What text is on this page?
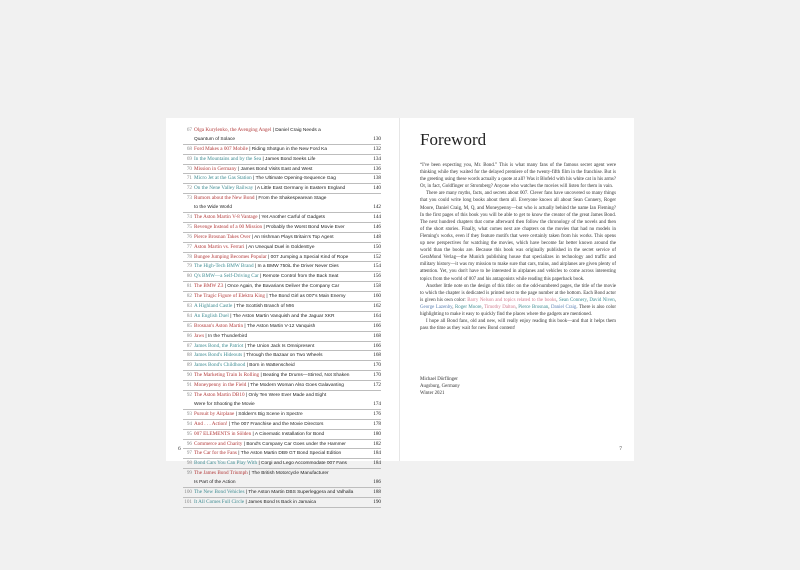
67 Olga Kurylenko, the Avenging Angel | Daniel Craig Needs a
Quantum of Solace	130
68 Ford Makes a 007 Mobile | Riding Shotgun in the New Ford Ka	132
69 In the Mountains and by the Sea | James Bond Seeks Life	134
70 Mission in Germany | James Bond Visits East and West	136
71 Micro Jet at the Gas Station | The Ultimate Opening-Sequence Gag	138
72 On the Nene Valley Railway | A Little East Germany in Eastern England	140
73 Rumors about the New Bond | From the Shakespearean Stage
to the Wide World	142
74 The Aston Martin V-8 Vantage | Yet Another Carful of Gadgets	144
75 Revenge Instead of a 00 Mission | Probably the Worst Bond Movie Ever	146
76 Pierce Brosnan Takes Over | An Irishman Plays Britain's Top Agent	148
77 Aston Martin vs. Ferrari | An Unequal Duel in GoldenEye	150
78 Bungee Jumping Becomes Popular | 007 Jumping a Special Kind of Rope	152
79 The High-Tech BMW Brand | In a BMW 750iL the Driver Never Dies	154
80 Q's BMW—a Self-Driving Car | Remote Control from the Back Seat	156
81 The BMW Z3 | Once Again, the Bavarians Deliver the Company Car	158
82 The Tragic Figure of Elektra King | The Bond Girl as 007's Main Enemy	160
83 A Highland Castle | The Scottish Branch of MI6	162
84 An English Duel | The Aston Martin Vanquish and the Jaguar XKR	164
85 Brosnan's Aston Martin | The Aston Martin V-12 Vanquish	166
86 Jaws | In the Thunderbird	168
87 James Bond, the Patriot | The Union Jack Is Omnipresent	166
88 James Bond's Hideouts | Through the Bazaar on Two Wheels	168
89 James Bond's Childhood | Born in Wattenscheid	170
90 The Marketing Train Is Rolling | Beating the Drums—Stirred, Not Shaken	170
91 Moneypenny in the Field | The Modern Woman Also Goes Galavanting	172
92 The Aston Martin DB10 | Only Ten Were Ever Made and Eight
Were for Shooting the Movie	174
93 Pursuit by Airplane | Sölden's Big Scene in Spectre	176
94 And . . . Action! | The 007 Franchise and the Movie Directors	178
95 007 ELEMENTS in Sölden | A Cinematic Installation for Bond	180
96 Commerce and Charity | Bond's Company Car Goes under the Hammer	182
97 The Car for the Fans | The Aston Martin DB9 GT Bond Special Edition	184
98 Bond Cars You Can Play With | Corgi and Lego Accommodate 007 Fans	184
99 The James Bond Triumph | The British Motorcycle Manufacturer
Is Part of the Action	186
100 The New Bond Vehicles | The Aston Martin DBS Superleggera and Valhalla	188
101 It All Comes Full Circle | James Bond Is Back in Jamaica	190
6
Foreword

“I've been expecting you, Mr. Bond.” This is what many fans of the famous secret agent were thinking while they waited for the delayed premiere of the twenty-fifth film in the franchise. But is the greeting using these words actually a quote at all? Was it Blofeld with his white cat in his arms? Or, in fact, Goldfinger or Stromberg? Anyone who watches the movies will listen for them in vain.

There are many myths, facts, and secrets about 007. Clever fans have uncovered so many things that you could write long books about them all. Everyone knows all about Sean Connery, Roger Moore, Daniel Craig, M, Q, and Moneypenny—but who is actually behind the name Ian Fleming? In the first pages of this book you will be able to get to know the creator of the great James Bond. The next hundred chapters that come afterward then follow the chronology of the novels and then of the short stories. Finally, what comes next are chapters on the movies that had no models in Fleming's works, even if they feature motifs that were certainly taken from his works. This opens up new perspectives for watching the movies, which have become far better known around the world than the books are. Because this book was originally published in the secret service of GeraMond Verlag—the Munich publishing house that specializes in technology and traffic and military history—it was my mission to make sure that cars, trains, and airplanes are given plenty of attention. Yet, you don't have to be interested in airplanes and vehicles to come across interesting topics from the world of 007 and his antagonists while reading this paperback book.

Another little note on the design of this title: on the odd-numbered pages, the title of the movie to which the chapter is dedicated is printed next to the page number at the bottom. Each Bond actor is given his own color: Barry Nelson and topics related to the books, Sean Connery, David Niven, George Lazenby, Roger Moore, Timothy Dalton, Pierce Brosnan, Daniel Craig. There is also color highlighting to make it easy to quickly find the places where the gadgets are mentioned.

I hope all Bond fans, old and new, will really enjoy reading this book—and that it helps them pass the time as they wait for new Bond content!

Michael Dörflinger
Augsburg, Germany
Winter 2021
7
